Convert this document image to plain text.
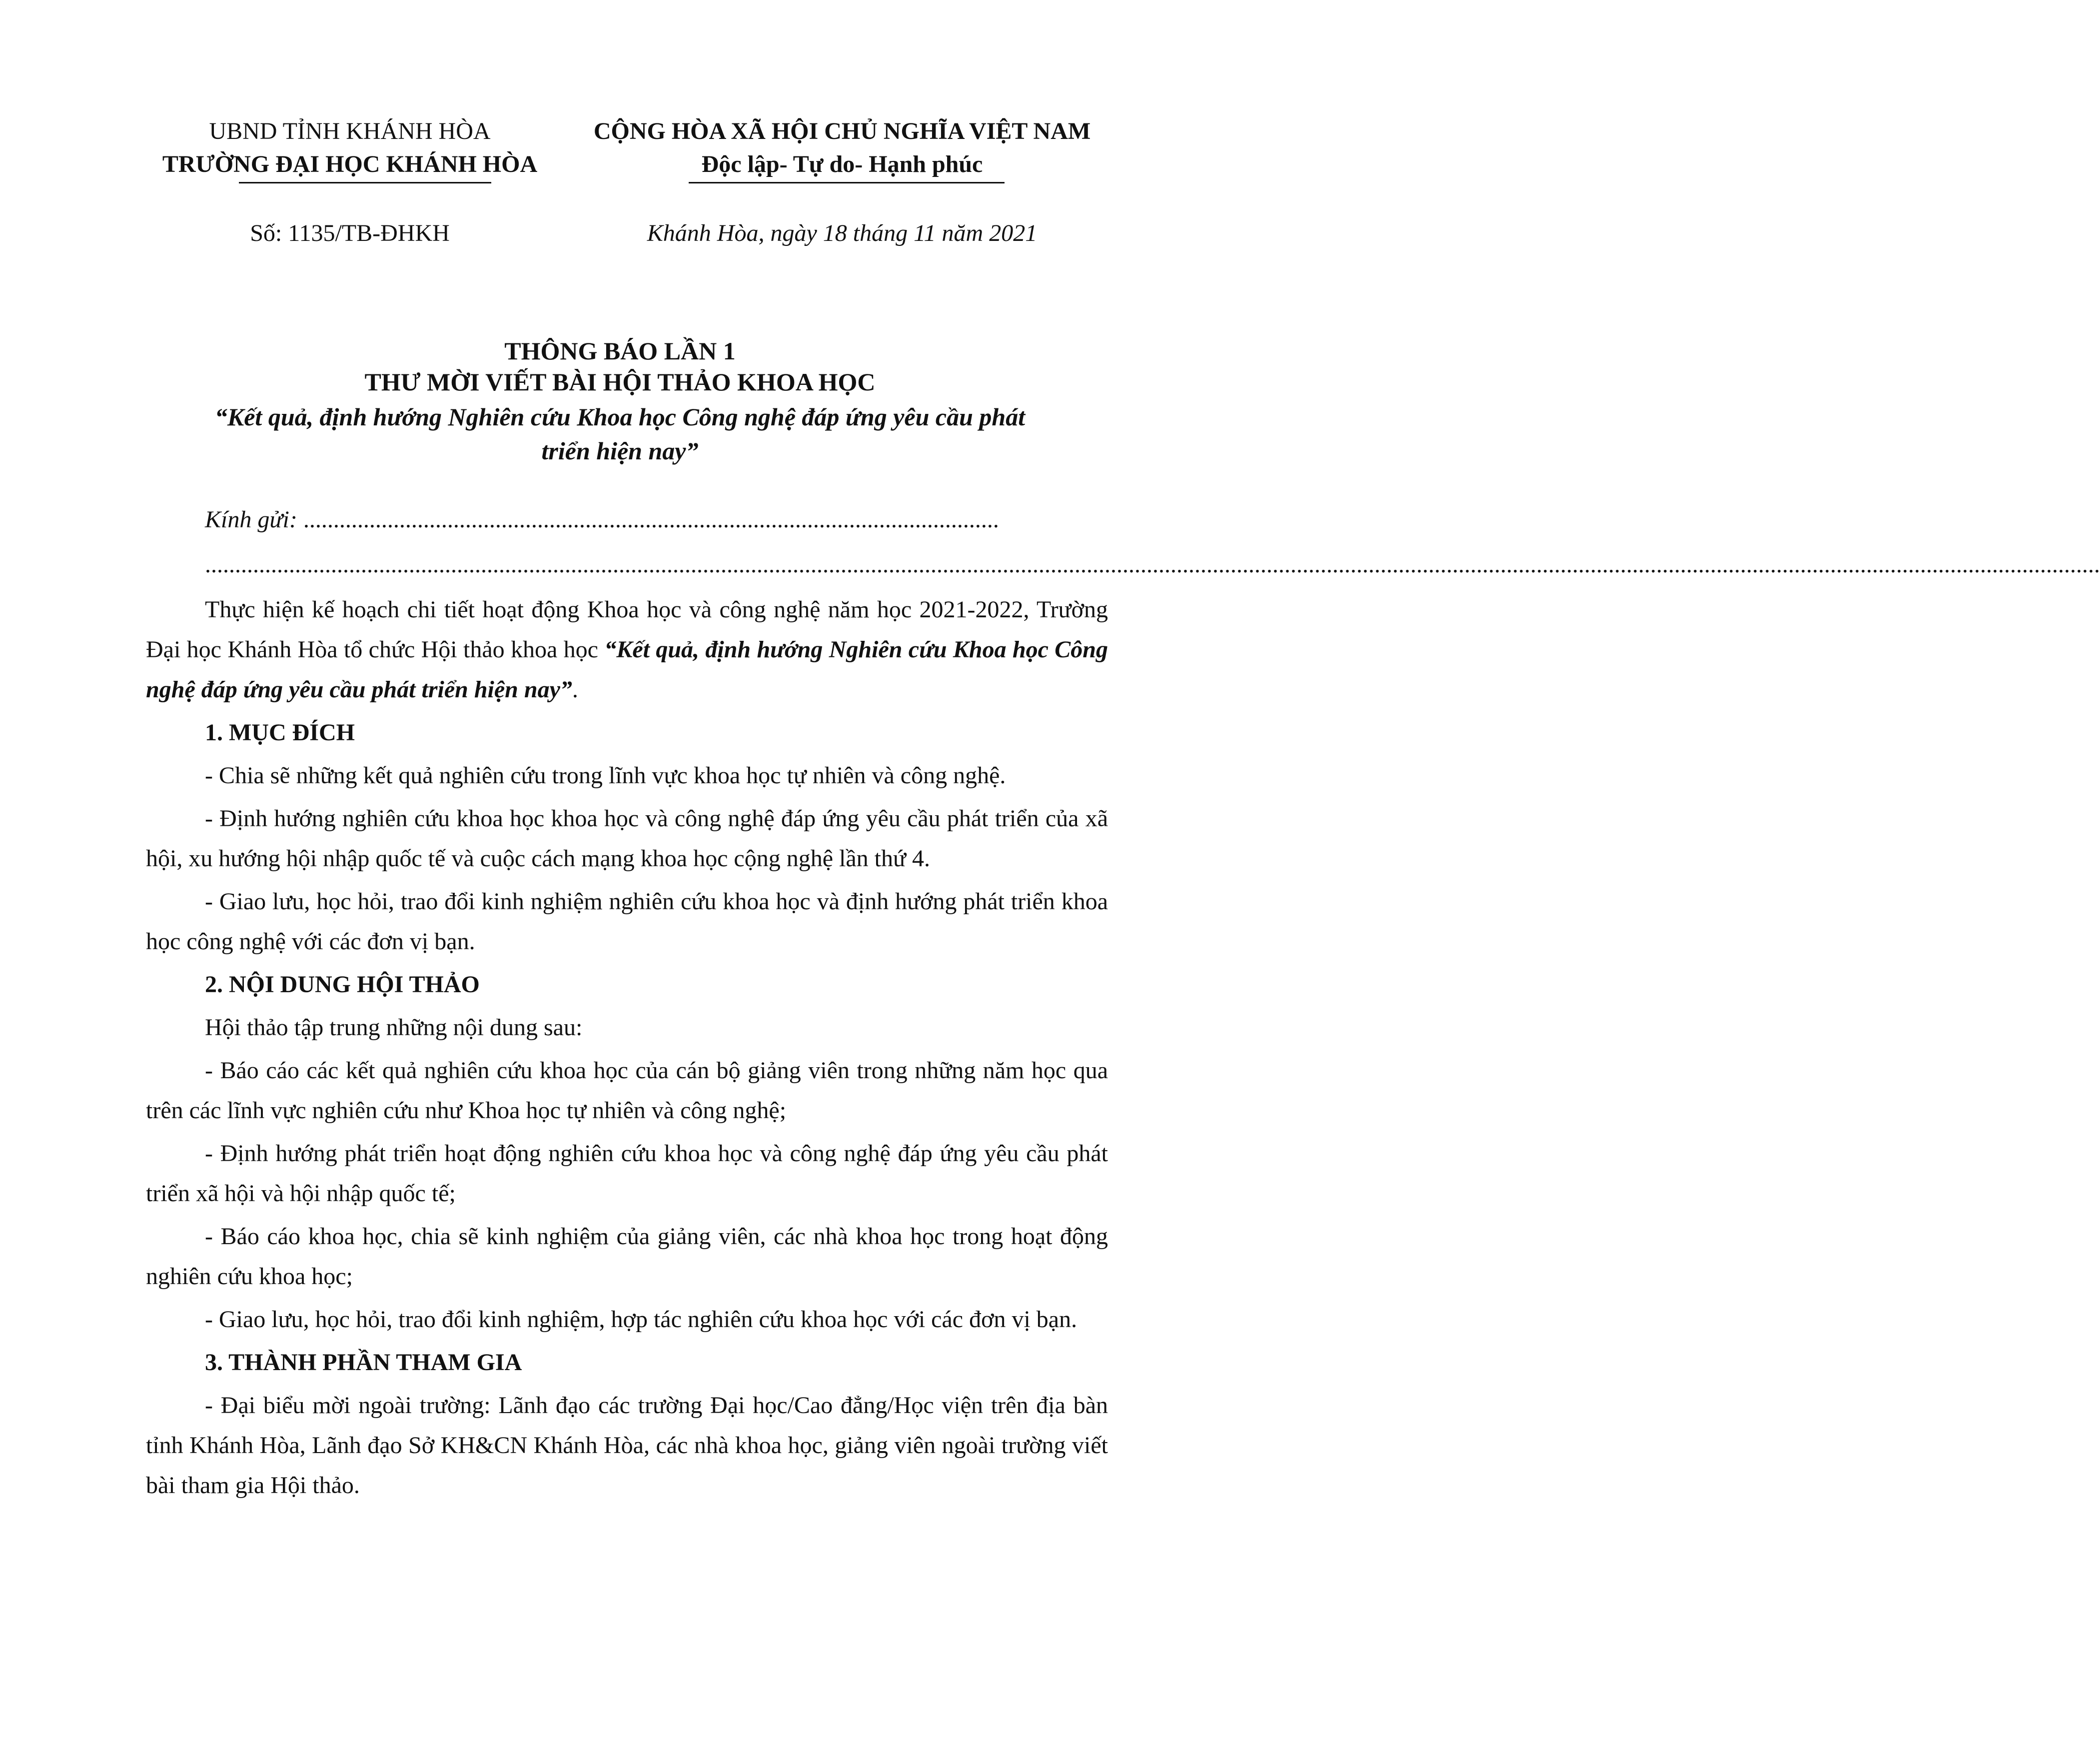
UBND TỈNH KHÁNH HÒA
TRƯỜNG ĐẠI HỌC KHÁNH HÒA
CỘNG HÒA XÃ HỘI CHỦ NGHĨA VIỆT NAM
Độc lập- Tự do- Hạnh phúc
Số: 1135/TB-ĐHKH	Khánh Hòa, ngày 18 tháng 11 năm 2021
THÔNG BÁO LẦN 1
THƯ MỜI VIẾT BÀI HỘI THẢO KHOA HỌC
“Kết quả, định hướng Nghiên cứu Khoa học Công nghệ đáp ứng yêu cầu phát
triển hiện nay”
Kính gửi: ....................................................................................................................
............................................................................................................................................................................................................................................................................................................................

Thực hiện kế hoạch chi tiết hoạt động Khoa học và công nghệ năm học 2021-2022, Trường Đại học Khánh Hòa tổ chức Hội thảo khoa học “Kết quả, định hướng Nghiên cứu Khoa học Công nghệ đáp ứng yêu cầu phát triển hiện nay”.

1. MỤC ĐÍCH

- Chia sẽ những kết quả nghiên cứu trong lĩnh vực khoa học tự nhiên và công nghệ.

- Định hướng nghiên cứu khoa học khoa học và công nghệ đáp ứng yêu cầu phát triển của xã hội, xu hướng hội nhập quốc tế và cuộc cách mạng khoa học cộng nghệ lần thứ 4.

- Giao lưu, học hỏi, trao đổi kinh nghiệm nghiên cứu khoa học và định hướng phát triển khoa học công nghệ với các đơn vị bạn.

2. NỘI DUNG HỘI THẢO

Hội thảo tập trung những nội dung sau:

- Báo cáo các kết quả nghiên cứu khoa học của cán bộ giảng viên trong những năm học qua trên các lĩnh vực nghiên cứu như Khoa học tự nhiên và công nghệ;

- Định hướng phát triển hoạt động nghiên cứu khoa học và công nghệ đáp ứng yêu cầu phát triển xã hội và hội nhập quốc tế;

- Báo cáo khoa học, chia sẽ kinh nghiệm của giảng viên, các nhà khoa học trong hoạt động nghiên cứu khoa học;

- Giao lưu, học hỏi, trao đổi kinh nghiệm, hợp tác nghiên cứu khoa học với các đơn vị bạn.

3. THÀNH PHẦN THAM GIA

- Đại biểu mời ngoài trường: Lãnh đạo các trường Đại học/Cao đẳng/Học viện trên địa bàn tỉnh Khánh Hòa, Lãnh đạo Sở KH&CN Khánh Hòa, các nhà khoa học, giảng viên ngoài trường viết bài tham gia Hội thảo.
